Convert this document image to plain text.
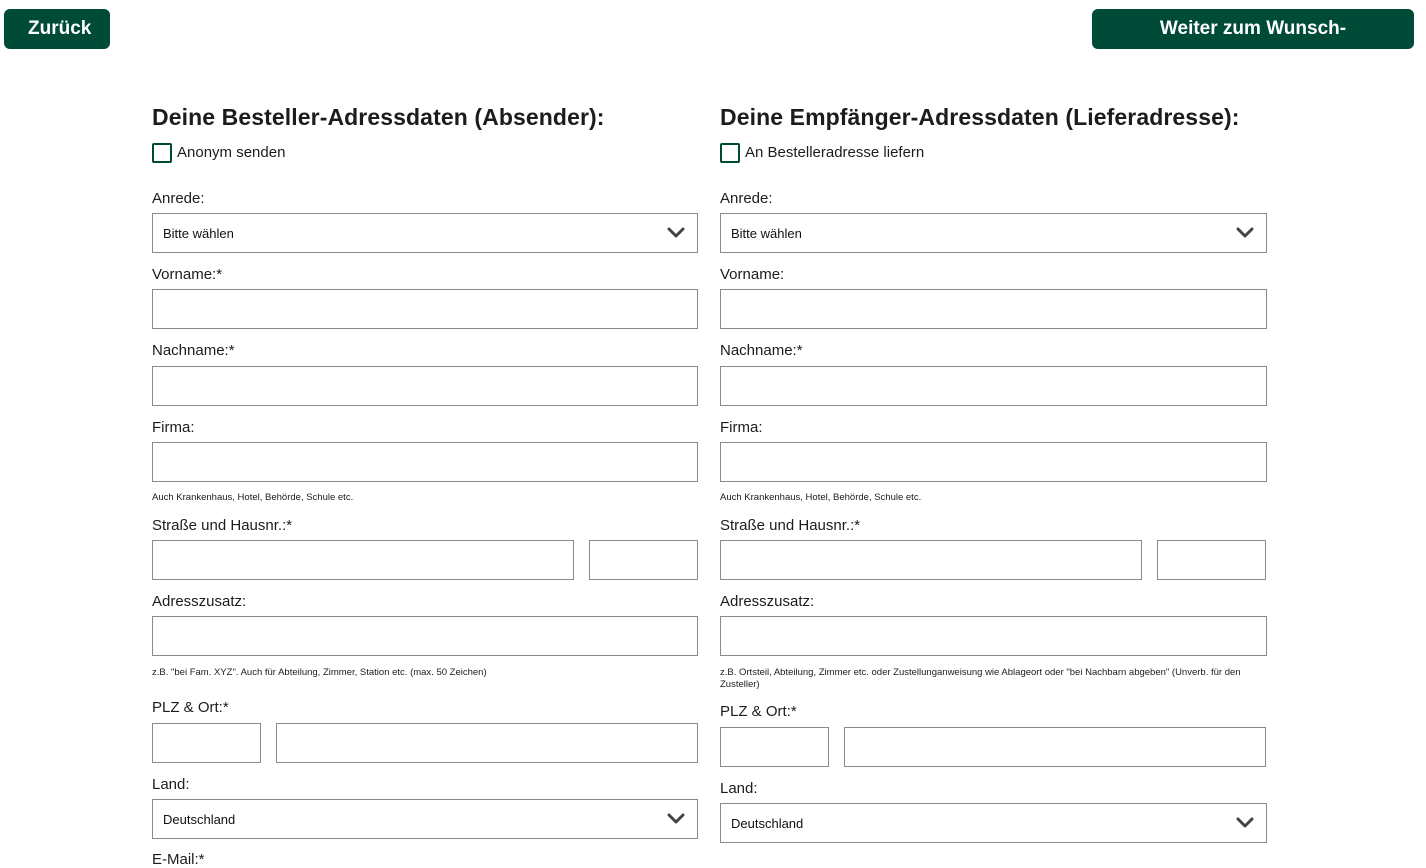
Zurück	Weiter zum Wunsch-Liefertermin
Deine Besteller-Adressdaten (Absender):
Anonym senden
Anrede:
Bitte wählen
Vorname:*
Nachname:*
Firma:
Auch Krankenhaus, Hotel, Behörde, Schule etc.
Straße und Hausnr.:*
Adresszusatz:
z.B. "bei Fam. XYZ". Auch für Abteilung, Zimmer, Station etc. (max. 50 Zeichen)
PLZ & Ort:*
Land:
Deutschland
E-Mail:*
Deine Empfänger-Adressdaten (Lieferadresse):
An Bestelleradresse liefern
Anrede:
Bitte wählen
Vorname:
Nachname:*
Firma:
Auch Krankenhaus, Hotel, Behörde, Schule etc.
Straße und Hausnr.:*
Adresszusatz:
z.B. Ortsteil, Abteilung, Zimmer etc. oder Zustellunganweisung wie Ablageort oder "bei Nachbarn abgeben" (Unverb. für den Zusteller)
PLZ & Ort:*
Land:
Deutschland
